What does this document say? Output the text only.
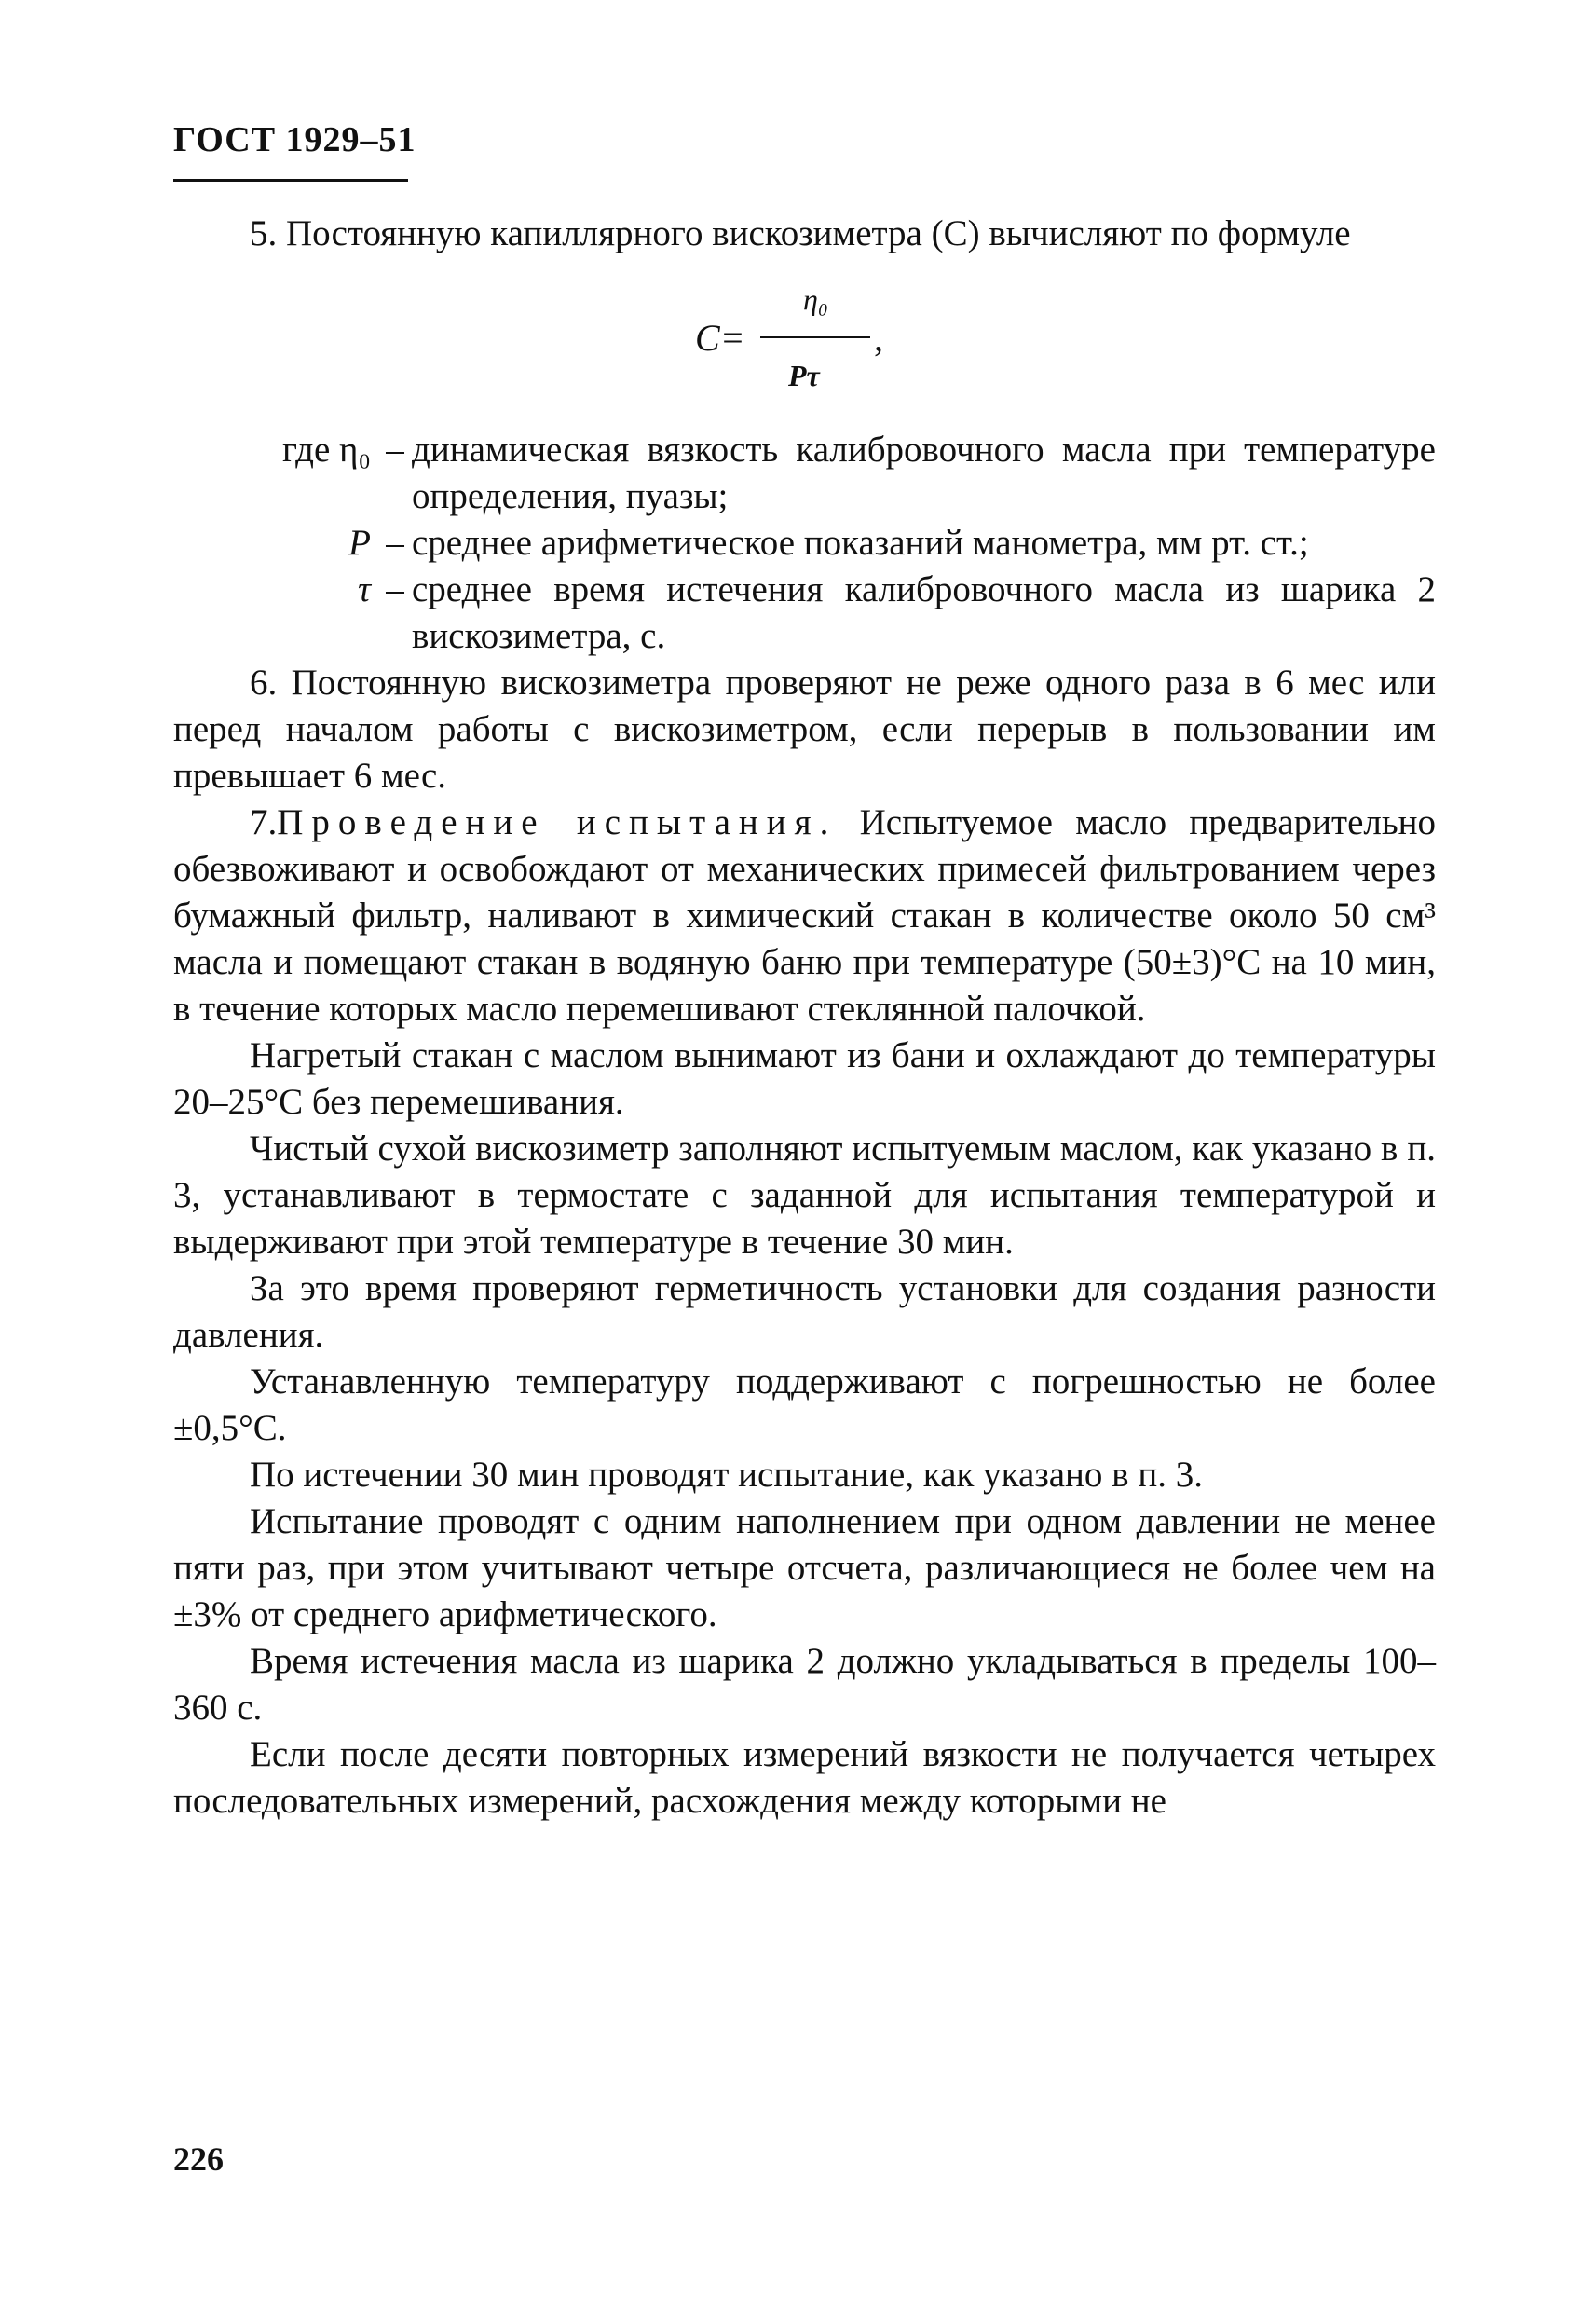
ГОСТ 1929–51

5. Постоянную капиллярного вискозиметра (C) вычисляют по формуле

C=
η₀
Pτ
,
где η₀ – динамическая вязкость калибровочного масла при температуре определения, пуазы;
P – среднее арифметическое показаний манометра, мм рт. ст.;
τ – среднее время истечения калибровочного масла из шарика 2 вискозиметра, с.

6. Постоянную вискозиметра проверяют не реже одного раза в 6 мес или перед началом работы с вискозиметром, если перерыв в пользовании им превышает 6 мес.

7.Проведение испытания. Испытуемое масло предварительно обезвоживают и освобождают от механических примесей фильтрованием через бумажный фильтр, наливают в химический стакан в количестве около 50 см³ масла и помещают стакан в водяную баню при температуре (50±3)°С на 10 мин, в течение которых масло перемешивают стеклянной палочкой.

Нагретый стакан с маслом вынимают из бани и охлаждают до температуры 20–25°С без перемешивания.

Чистый сухой вискозиметр заполняют испытуемым маслом, как указано в п. 3, устанавливают в термостате с заданной для испытания температурой и выдерживают при этой температуре в течение 30 мин.

За это время проверяют герметичность установки для создания разности давления.

Устанавленную температуру поддерживают с погрешностью не более ±0,5°С.

По истечении 30 мин проводят испытание, как указано в п. 3.

Испытание проводят с одним наполнением при одном давлении не менее пяти раз, при этом учитывают четыре отсчета, различающиеся не более чем на ±3% от среднего арифметического.

Время истечения масла из шарика 2 должно укладываться в пределы 100–360 с.

Если после десяти повторных измерений вязкости не получается четырех последовательных измерений, расхождения между которыми не

226
